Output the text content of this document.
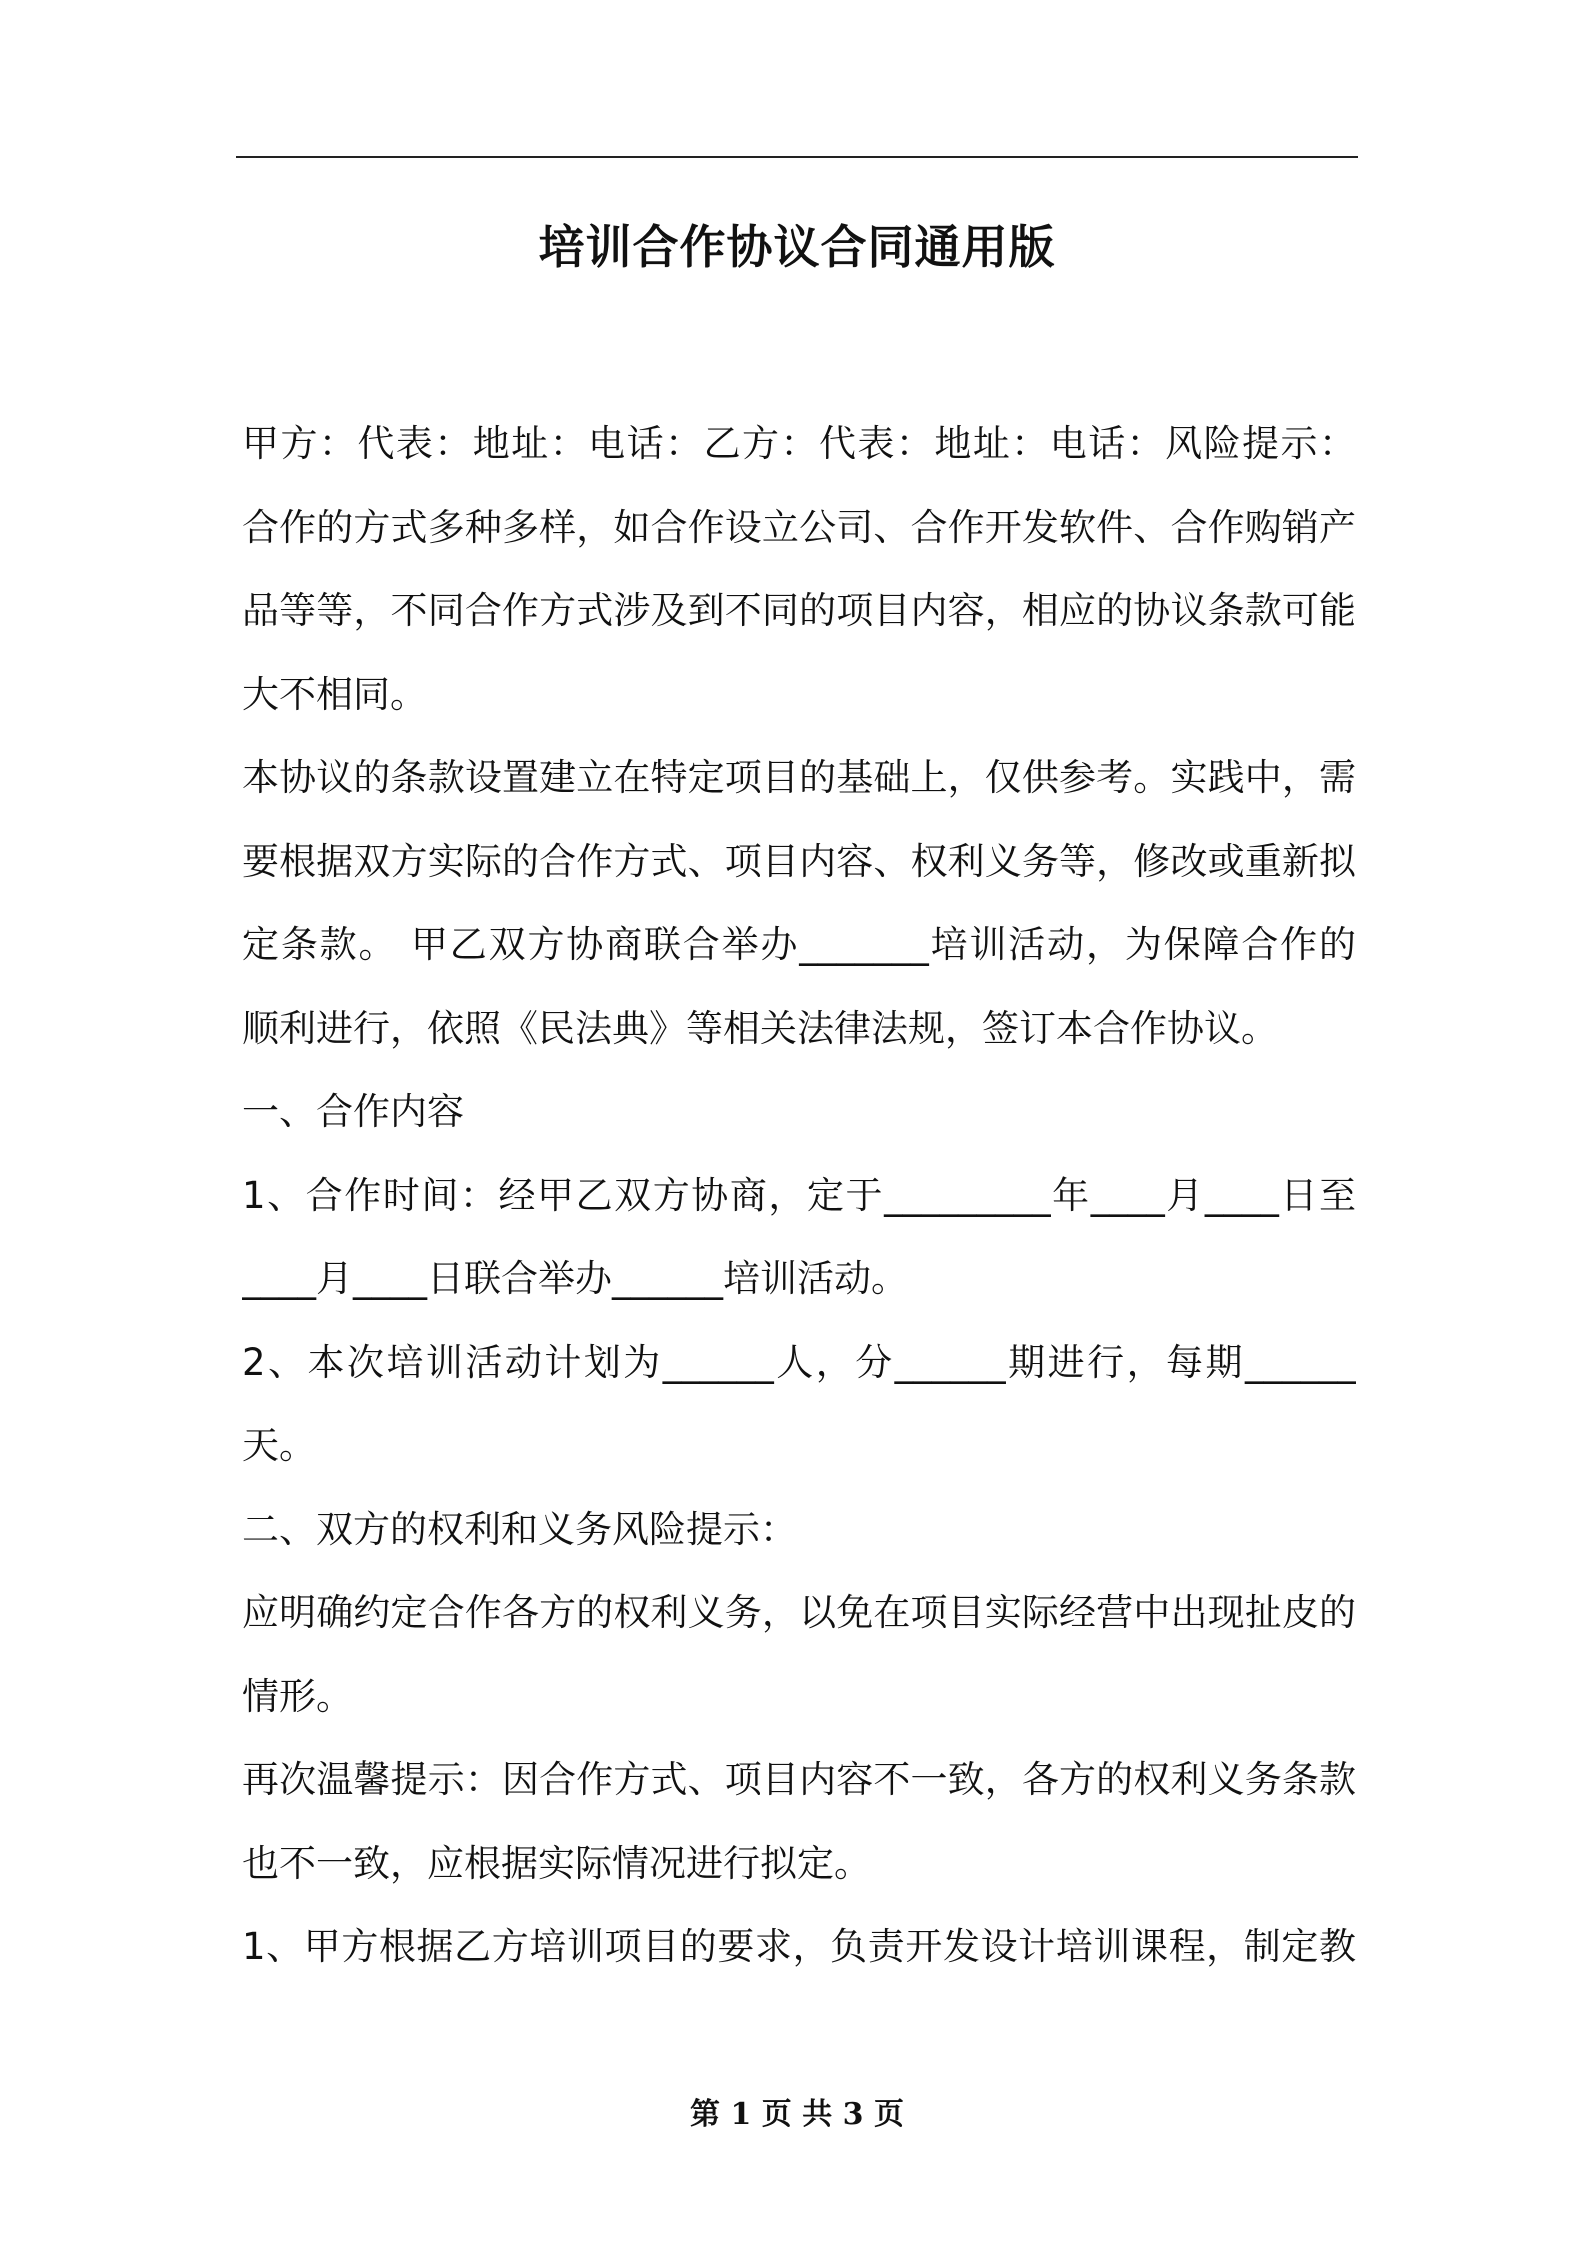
培训合作协议合同通用版
甲方：代表：地址：电话：乙方：代表：地址：电话：风险提示：
合作的方式多种多样，如合作设立公司、合作开发软件、合作购销产
品等等，不同合作方式涉及到不同的项目内容，相应的协议条款可能
大不相同。
本协议的条款设置建立在特定项目的基础上，仅供参考。实践中，需
要根据双方实际的合作方式、项目内容、权利义务等，修改或重新拟
定条款。 甲乙双方协商联合举办_______培训活动，为保障合作的
顺利进行，依照《民法典》等相关法律法规，签订本合作协议。
一、合作内容
1、合作时间：经甲乙双方协商，定于_________年____月____日至
____月____日联合举办______培训活动。
2、本次培训活动计划为______人，分______期进行，每期______
天。
二、双方的权利和义务风险提示：
应明确约定合作各方的权利义务，以免在项目实际经营中出现扯皮的
情形。
再次温馨提示：因合作方式、项目内容不一致，各方的权利义务条款
也不一致，应根据实际情况进行拟定。
1、甲方根据乙方培训项目的要求，负责开发设计培训课程，制定教
第 1 页 共 3 页
